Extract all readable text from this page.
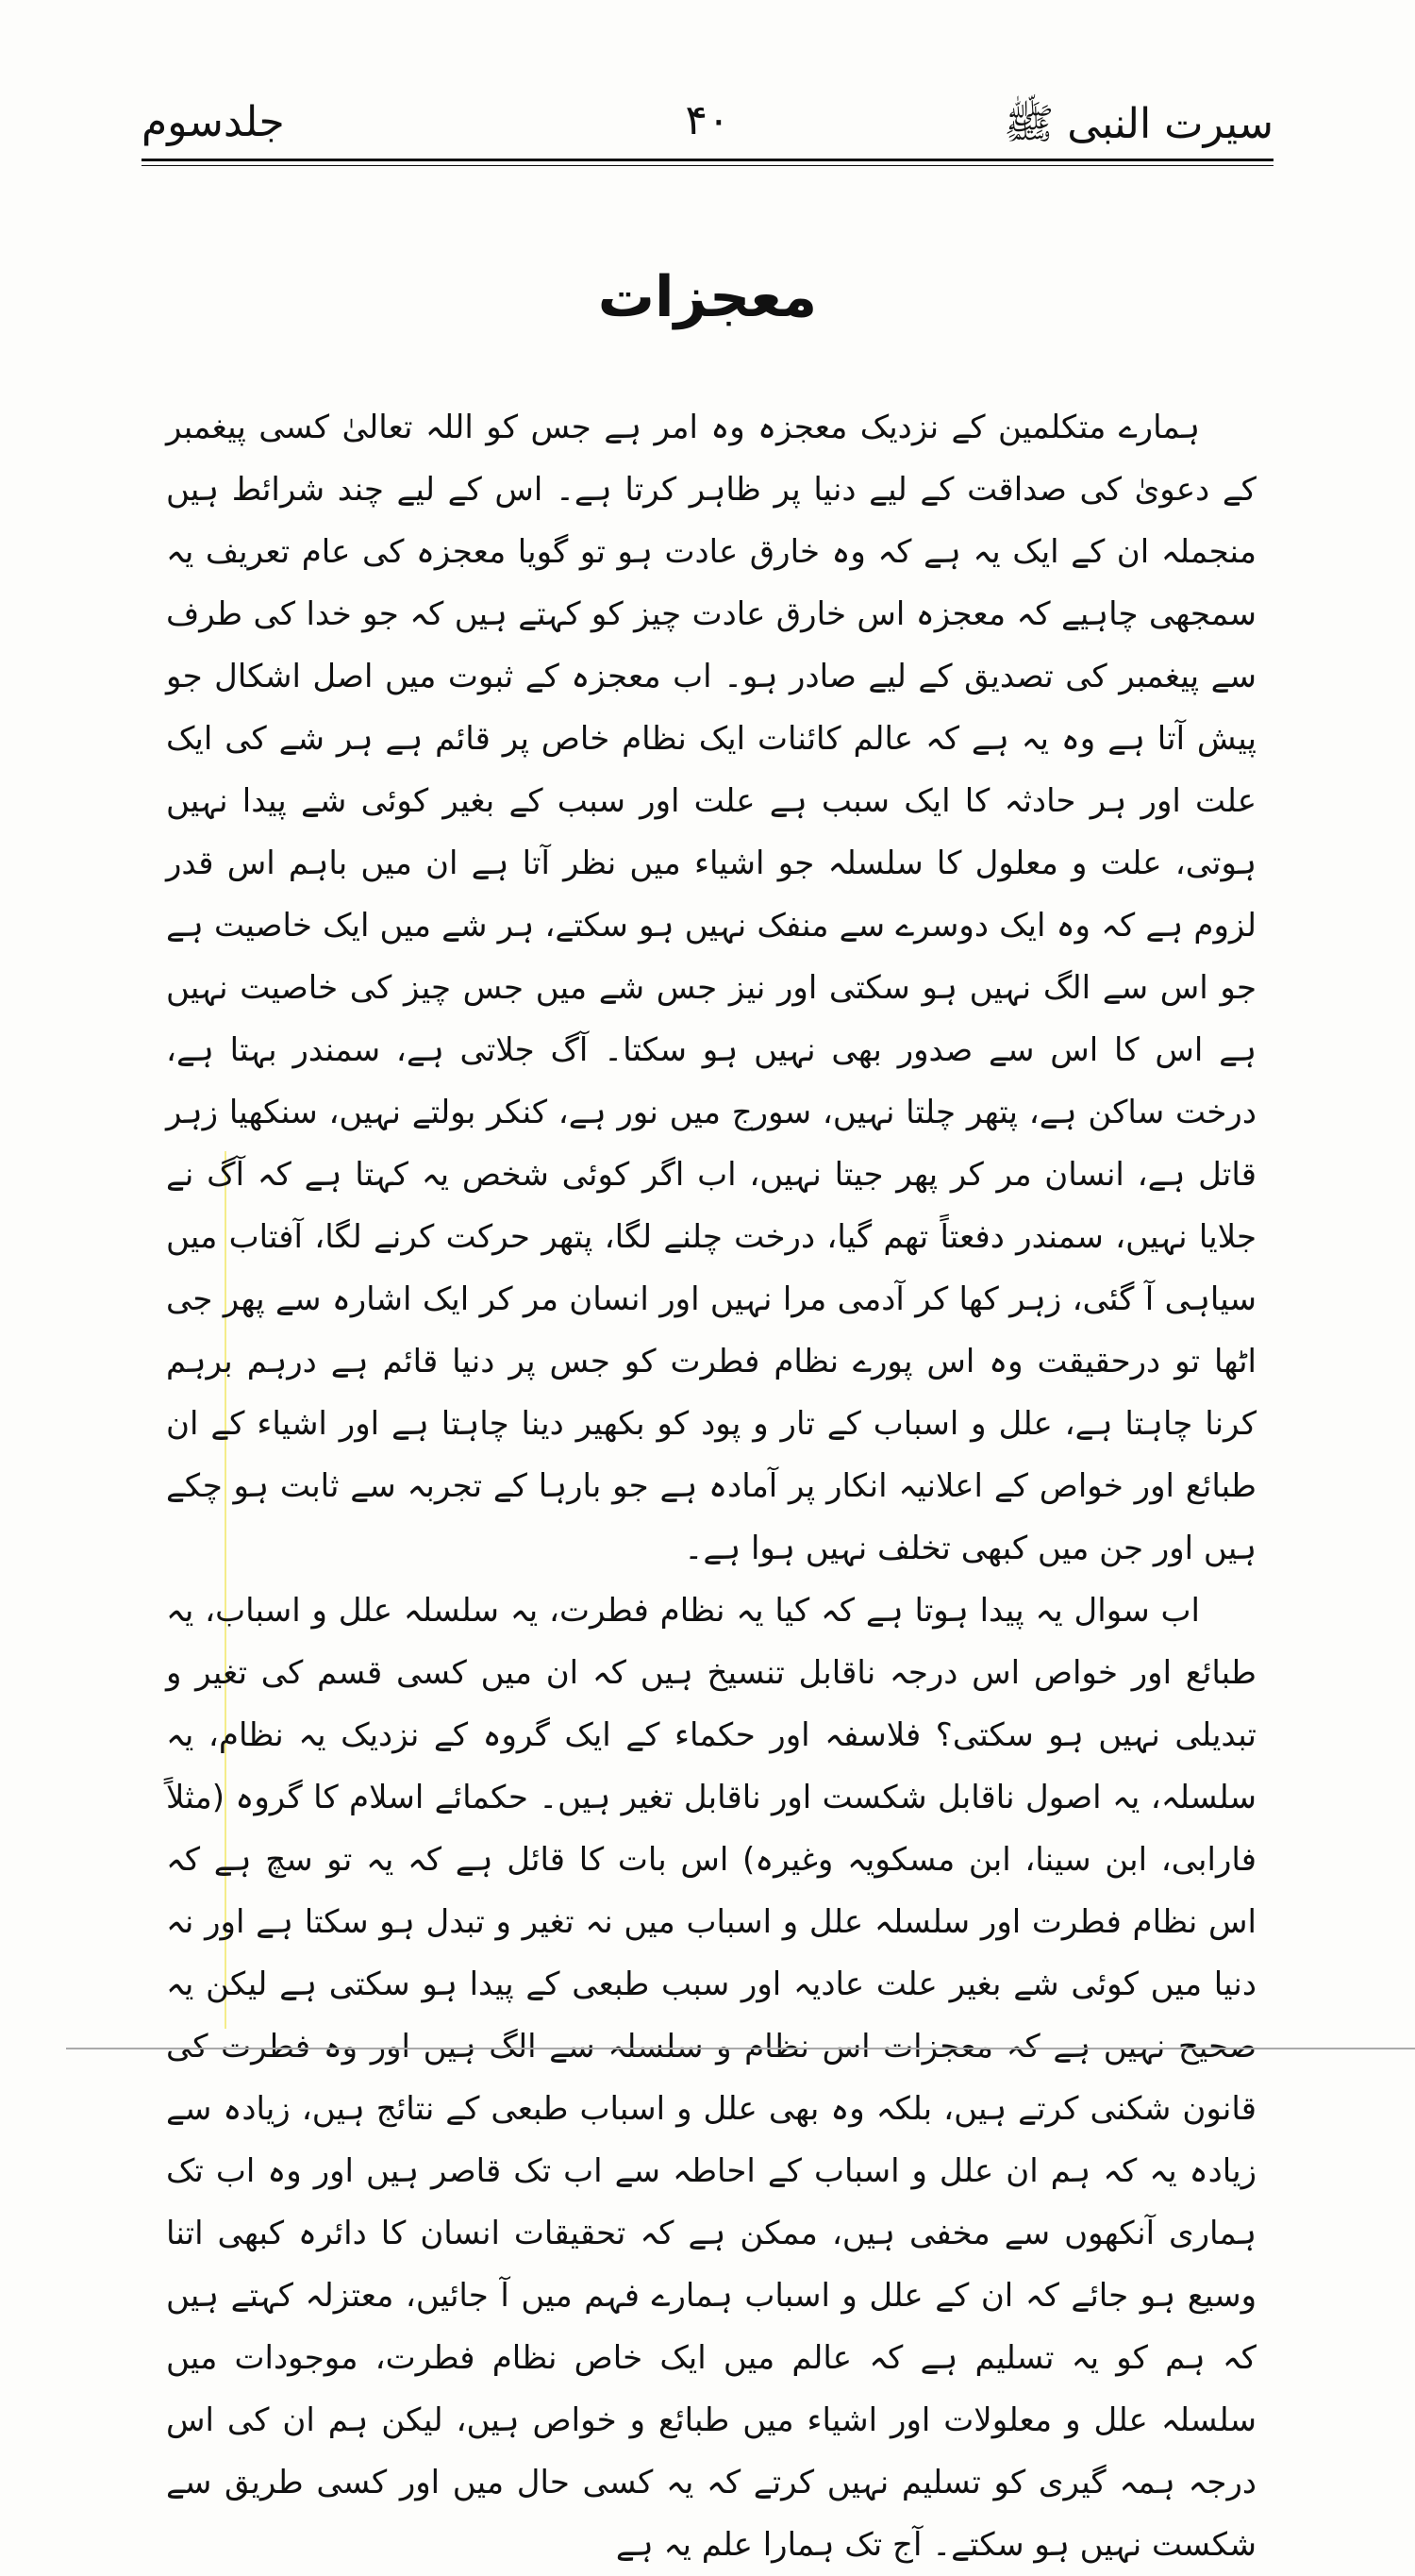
سیرت النبی ﷺ
۴۰
جلدسوم
معجزات

ہمارے متکلمین کے نزدیک معجزہ وہ امر ہے جس کو اللہ تعالیٰ کسی پیغمبر کے دعویٰ کی صداقت کے لیے دنیا پر ظاہر کرتا ہے۔ اس کے لیے چند شرائط ہیں منجملہ ان کے ایک یہ ہے کہ وہ خارق عادت ہو تو گویا معجزہ کی عام تعریف یہ سمجھی چاہیے کہ معجزہ اس خارق عادت چیز کو کہتے ہیں کہ جو خدا کی طرف سے پیغمبر کی تصدیق کے لیے صادر ہو۔ اب معجزہ کے ثبوت میں اصل اشکال جو پیش آتا ہے وہ یہ ہے کہ عالم کائنات ایک نظام خاص پر قائم ہے ہر شے کی ایک علت اور ہر حادثہ کا ایک سبب ہے علت اور سبب کے بغیر کوئی شے پیدا نہیں ہوتی، علت و معلول کا سلسلہ جو اشیاء میں نظر آتا ہے ان میں باہم اس قدر لزوم ہے کہ وہ ایک دوسرے سے منفک نہیں ہو سکتے، ہر شے میں ایک خاصیت ہے جو اس سے الگ نہیں ہو سکتی اور نیز جس شے میں جس چیز کی خاصیت نہیں ہے اس کا اس سے صدور بھی نہیں ہو سکتا۔ آگ جلاتی ہے، سمندر بہتا ہے، درخت ساکن ہے، پتھر چلتا نہیں، سورج میں نور ہے، کنکر بولتے نہیں، سنکھیا زہر قاتل ہے، انسان مر کر پھر جیتا نہیں، اب اگر کوئی شخص یہ کہتا ہے کہ آگ نے جلایا نہیں، سمندر دفعتاً تھم گیا، درخت چلنے لگا، پتھر حرکت کرنے لگا، آفتاب میں سیاہی آ گئی، زہر کھا کر آدمی مرا نہیں اور انسان مر کر ایک اشارہ سے پھر جی اٹھا تو درحقیقت وہ اس پورے نظام فطرت کو جس پر دنیا قائم ہے درہم برہم کرنا چاہتا ہے، علل و اسباب کے تار و پود کو بکھیر دینا چاہتا ہے اور اشیاء کے ان طبائع اور خواص کے اعلانیہ انکار پر آمادہ ہے جو بارہا کے تجربہ سے ثابت ہو چکے ہیں اور جن میں کبھی تخلف نہیں ہوا ہے۔

اب سوال یہ پیدا ہوتا ہے کہ کیا یہ نظام فطرت، یہ سلسلہ علل و اسباب، یہ طبائع اور خواص اس درجہ ناقابل تنسیخ ہیں کہ ان میں کسی قسم کی تغیر و تبدیلی نہیں ہو سکتی؟ فلاسفہ اور حکماء کے ایک گروہ کے نزدیک یہ نظام، یہ سلسلہ، یہ اصول ناقابل شکست اور ناقابل تغیر ہیں۔ حکمائے اسلام کا گروہ (مثلاً فارابی، ابن سینا، ابن مسکویہ وغیرہ) اس بات کا قائل ہے کہ یہ تو سچ ہے کہ اس نظام فطرت اور سلسلہ علل و اسباب میں نہ تغیر و تبدل ہو سکتا ہے اور نہ دنیا میں کوئی شے بغیر علت عادیہ اور سبب طبعی کے پیدا ہو سکتی ہے لیکن یہ صحیح نہیں ہے کہ معجزات اس نظام و سلسلہ سے الگ ہیں اور وہ فطرت کی قانون شکنی کرتے ہیں، بلکہ وہ بھی علل و اسباب طبعی کے نتائج ہیں، زیادہ سے زیادہ یہ کہ ہم ان علل و اسباب کے احاطہ سے اب تک قاصر ہیں اور وہ اب تک ہماری آنکھوں سے مخفی ہیں، ممکن ہے کہ تحقیقات انسان کا دائرہ کبھی اتنا وسیع ہو جائے کہ ان کے علل و اسباب ہمارے فہم میں آ جائیں، معتزلہ کہتے ہیں کہ ہم کو یہ تسلیم ہے کہ عالم میں ایک خاص نظام فطرت، موجودات میں سلسلہ علل و معلولات اور اشیاء میں طبائع و خواص ہیں، لیکن ہم ان کی اس درجہ ہمہ گیری کو تسلیم نہیں کرتے کہ یہ کسی حال میں اور کسی طریق سے شکست نہیں ہو سکتے۔ آج تک ہمارا علم یہ ہے
